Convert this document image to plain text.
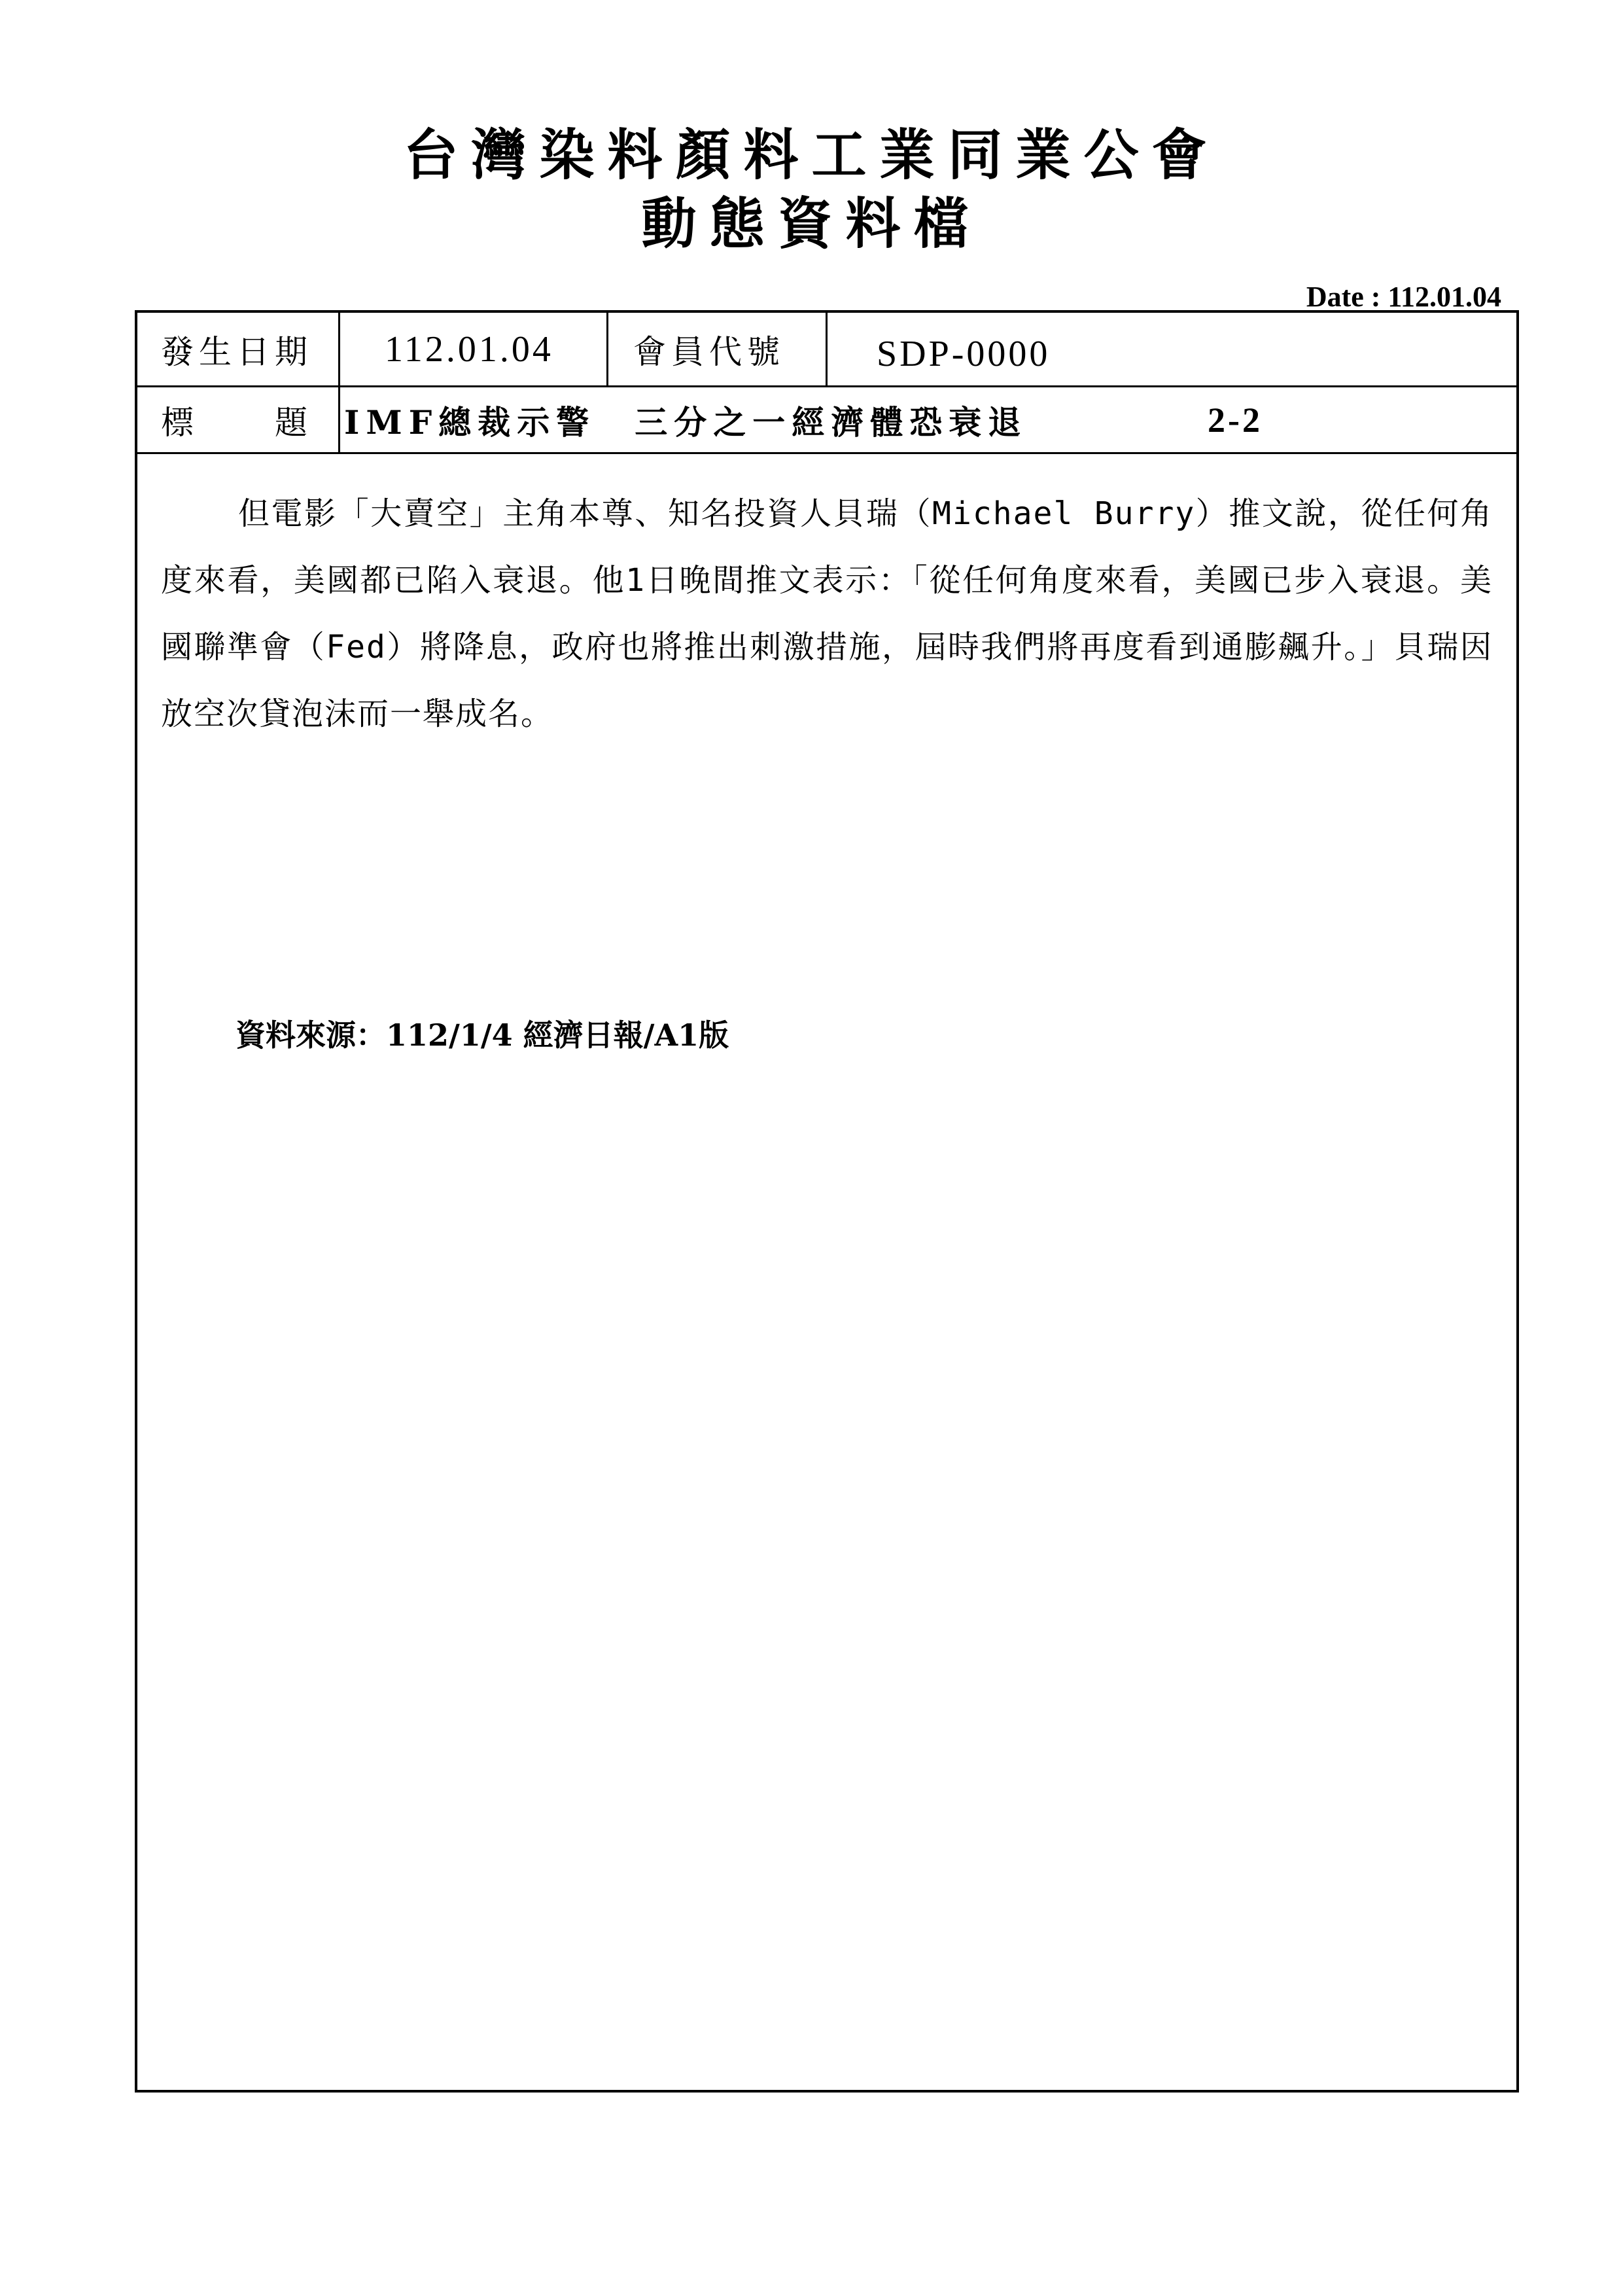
台灣染料顏料工業同業公會
動態資料檔
Date : 112.01.04
發生日期 112.01.04 會員代號	SDP-0000
標　　題 IMF總裁示警　三分之一經濟體恐衰退	2-2
但電影「大賣空」主角本尊、知名投資人貝瑞（Michael Burry）推文說，從任何角度來看，美國都已陷入衰退。他1日晚間推文表示：「從任何角度來看，美國已步入衰退。美國聯準會（Fed）將降息，政府也將推出刺激措施，屆時我們將再度看到通膨飆升。」貝瑞因放空次貸泡沫而一舉成名。
資料來源：112/1/4 經濟日報/A1版
